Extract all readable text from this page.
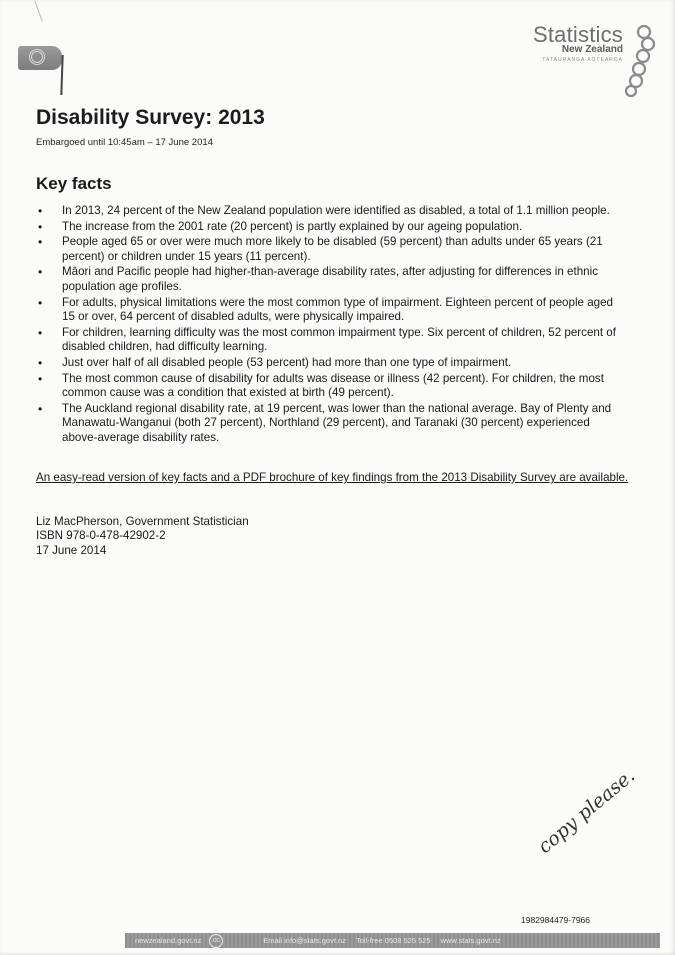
Statistics
New Zealand
TATAURANGA AOTEAROA
Disability Survey: 2013
Embargoed until 10:45am – 17 June 2014
Key facts
• In 2013, 24 percent of the New Zealand population were identified as disabled, a total of 1.1 million people.
• The increase from the 2001 rate (20 percent) is partly explained by our ageing population.
• People aged 65 or over were much more likely to be disabled (59 percent) than adults under 65 years (21 percent) or children under 15 years (11 percent).
• Māori and Pacific people had higher-than-average disability rates, after adjusting for differences in ethnic population age profiles.
• For adults, physical limitations were the most common type of impairment. Eighteen percent of people aged 15 or over, 64 percent of disabled adults, were physically impaired.
• For children, learning difficulty was the most common impairment type. Six percent of children, 52 percent of disabled children, had difficulty learning.
• Just over half of all disabled people (53 percent) had more than one type of impairment.
• The most common cause of disability for adults was disease or illness (42 percent). For children, the most common cause was a condition that existed at birth (49 percent).
• The Auckland regional disability rate, at 19 percent, was lower than the national average. Bay of Plenty and Manawatu-Wanganui (both 27 percent), Northland (29 percent), and Taranaki (30 percent) experienced above-average disability rates.
An easy-read version of key facts and a PDF brochure of key findings from the 2013 Disability Survey are available.
Liz MacPherson, Government Statistician
ISBN 978-0-478-42902-2
17 June 2014
copy please.
1982984479-7966
newzealand.govt.nz	cc	Email info@stats.govt.nz Toll-free 0508 525 525 www.stats.govt.nz
